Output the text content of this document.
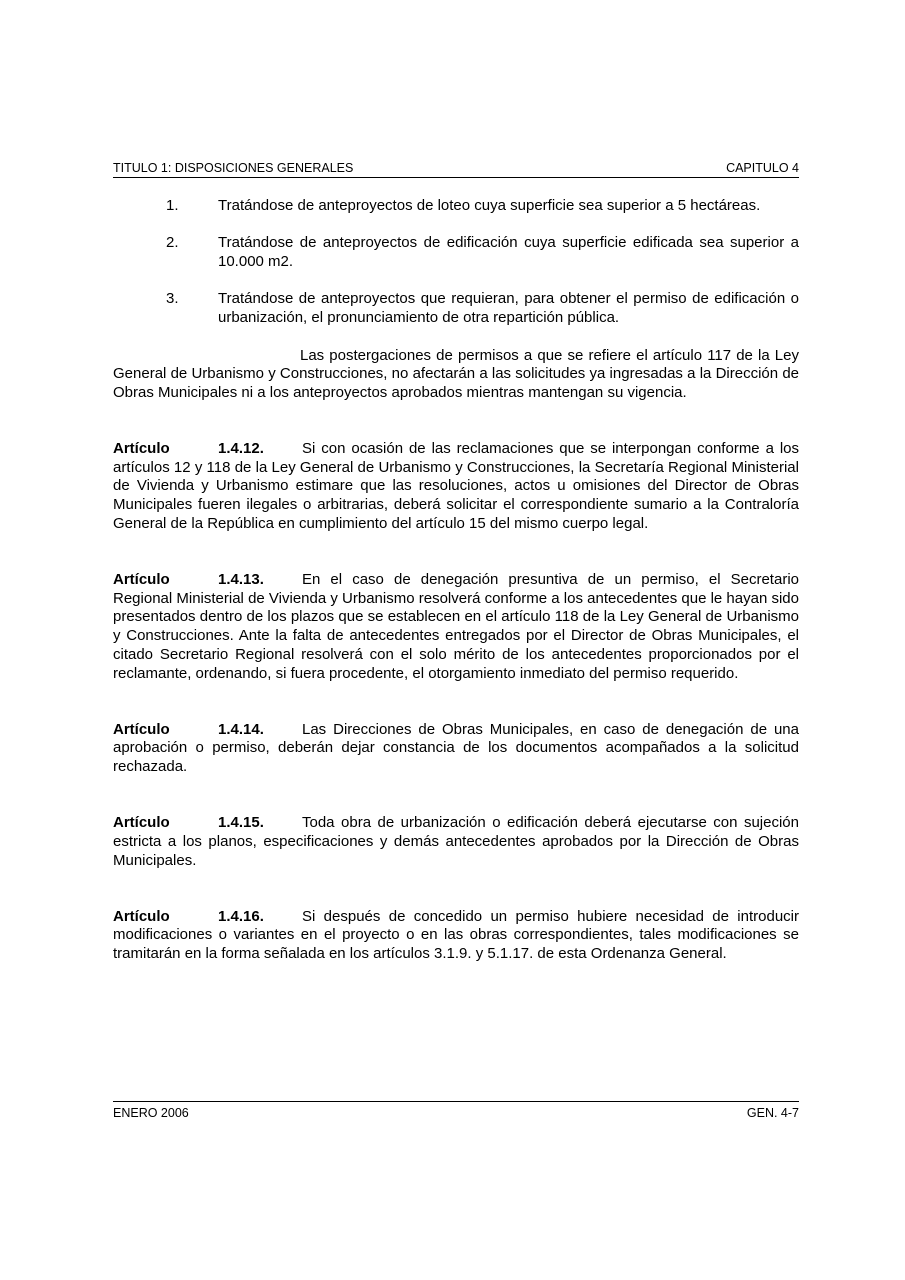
TITULO 1: DISPOSICIONES GENERALES	CAPITULO 4
1.	Tratándose de anteproyectos de loteo cuya superficie sea superior a 5 hectáreas.
2.	Tratándose de anteproyectos de edificación cuya superficie edificada sea superior a 10.000 m2.
3.	Tratándose de anteproyectos que requieran, para obtener el permiso de edificación o urbanización, el pronunciamiento de otra repartición pública.

Las postergaciones de permisos a que se refiere el artículo 117 de la Ley General de Urbanismo y Construcciones, no afectarán a las solicitudes ya ingresadas a la Dirección de Obras Municipales ni a los anteproyectos aprobados mientras mantengan su vigencia.

Artículo	1.4.12.	Si con ocasión de las reclamaciones que se interpongan conforme a los artículos 12 y 118 de la Ley General de Urbanismo y Construcciones, la Secretaría Regional Ministerial de Vivienda y Urbanismo estimare que las resoluciones, actos u omisiones del Director de Obras Municipales fueren ilegales o arbitrarias, deberá solicitar el correspondiente sumario a la Contraloría General de la República en cumplimiento del artículo 15 del mismo cuerpo legal.

Artículo	1.4.13.	En el caso de denegación presuntiva de un permiso, el Secretario Regional Ministerial de Vivienda y Urbanismo resolverá conforme a los antecedentes que le hayan sido presentados dentro de los plazos que se establecen en el artículo 118 de la Ley General de Urbanismo y Construcciones. Ante la falta de antecedentes entregados por el Director de Obras Municipales, el citado Secretario Regional resolverá con el solo mérito de los antecedentes proporcionados por el reclamante, ordenando, si fuera procedente, el otorgamiento inmediato del permiso requerido.

Artículo	1.4.14.	Las Direcciones de Obras Municipales, en caso de denegación de una aprobación o permiso, deberán dejar constancia de los documentos acompañados a la solicitud rechazada.

Artículo	1.4.15.	Toda obra de urbanización o edificación deberá ejecutarse con sujeción estricta a los planos, especificaciones y demás antecedentes aprobados por la Dirección de Obras Municipales.

Artículo	1.4.16.	Si después de concedido un permiso hubiere necesidad de introducir modificaciones o variantes en el proyecto o en las obras correspondientes, tales modificaciones se tramitarán en la forma señalada en los artículos 3.1.9. y 5.1.17. de esta Ordenanza General.

ENERO 2006	GEN. 4-7
